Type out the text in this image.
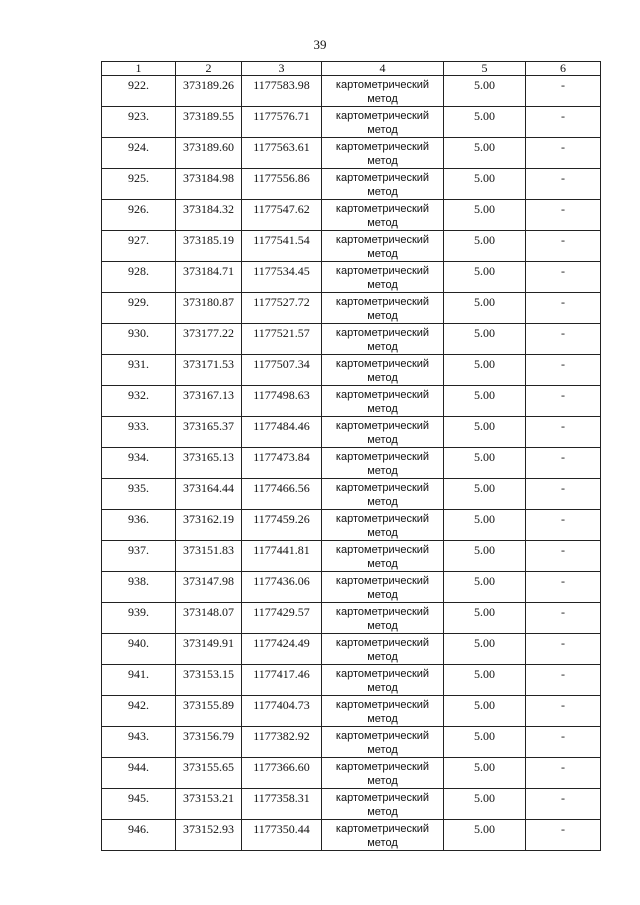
39
1	2	3	4	5	6
922.	373189.26	1177583.98	картометрический метод	5.00	-
923.	373189.55	1177576.71	картометрический метод	5.00	-
924.	373189.60	1177563.61	картометрический метод	5.00	-
925.	373184.98	1177556.86	картометрический метод	5.00	-
926.	373184.32	1177547.62	картометрический метод	5.00	-
927.	373185.19	1177541.54	картометрический метод	5.00	-
928.	373184.71	1177534.45	картометрический метод	5.00	-
929.	373180.87	1177527.72	картометрический метод	5.00	-
930.	373177.22	1177521.57	картометрический метод	5.00	-
931.	373171.53	1177507.34	картометрический метод	5.00	-
932.	373167.13	1177498.63	картометрический метод	5.00	-
933.	373165.37	1177484.46	картометрический метод	5.00	-
934.	373165.13	1177473.84	картометрический метод	5.00	-
935.	373164.44	1177466.56	картометрический метод	5.00	-
936.	373162.19	1177459.26	картометрический метод	5.00	-
937.	373151.83	1177441.81	картометрический метод	5.00	-
938.	373147.98	1177436.06	картометрический метод	5.00	-
939.	373148.07	1177429.57	картометрический метод	5.00	-
940.	373149.91	1177424.49	картометрический метод	5.00	-
941.	373153.15	1177417.46	картометрический метод	5.00	-
942.	373155.89	1177404.73	картометрический метод	5.00	-
943.	373156.79	1177382.92	картометрический метод	5.00	-
944.	373155.65	1177366.60	картометрический метод	5.00	-
945.	373153.21	1177358.31	картометрический метод	5.00	-
946.	373152.93	1177350.44	картометрический метод	5.00	-
